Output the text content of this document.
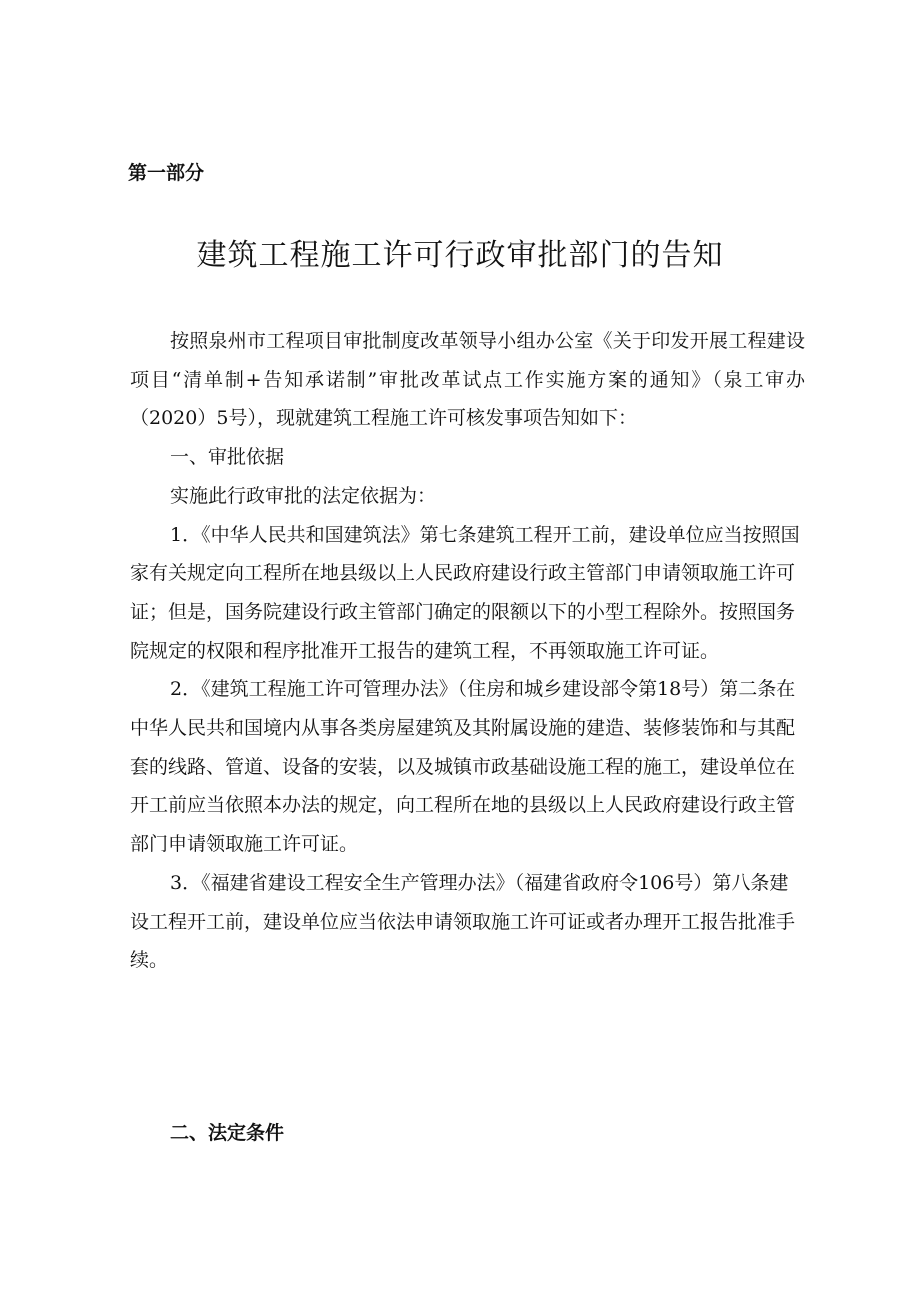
第一部分

建筑工程施工许可行政审批部门的告知

按照泉州市工程项目审批制度改革领导小组办公室《关于印发开展工程建设项目“清单制+告知承诺制”审批改革试点工作实施方案的通知》（泉工审办（2020）5号），现就建筑工程施工许可核发事项告知如下：

一、审批依据

实施此行政审批的法定依据为：

1．《中华人民共和国建筑法》第七条建筑工程开工前，建设单位应当按照国家有关规定向工程所在地县级以上人民政府建设行政主管部门申请领取施工许可证；但是，国务院建设行政主管部门确定的限额以下的小型工程除外。按照国务院规定的权限和程序批准开工报告的建筑工程，不再领取施工许可证。

2．《建筑工程施工许可管理办法》（住房和城乡建设部令第18号）第二条在中华人民共和国境内从事各类房屋建筑及其附属设施的建造、装修装饰和与其配套的线路、管道、设备的安装，以及城镇市政基础设施工程的施工，建设单位在开工前应当依照本办法的规定，向工程所在地的县级以上人民政府建设行政主管部门申请领取施工许可证。

3．《福建省建设工程安全生产管理办法》（福建省政府令106号）第八条建设工程开工前，建设单位应当依法申请领取施工许可证或者办理开工报告批准手续。

二、法定条件
